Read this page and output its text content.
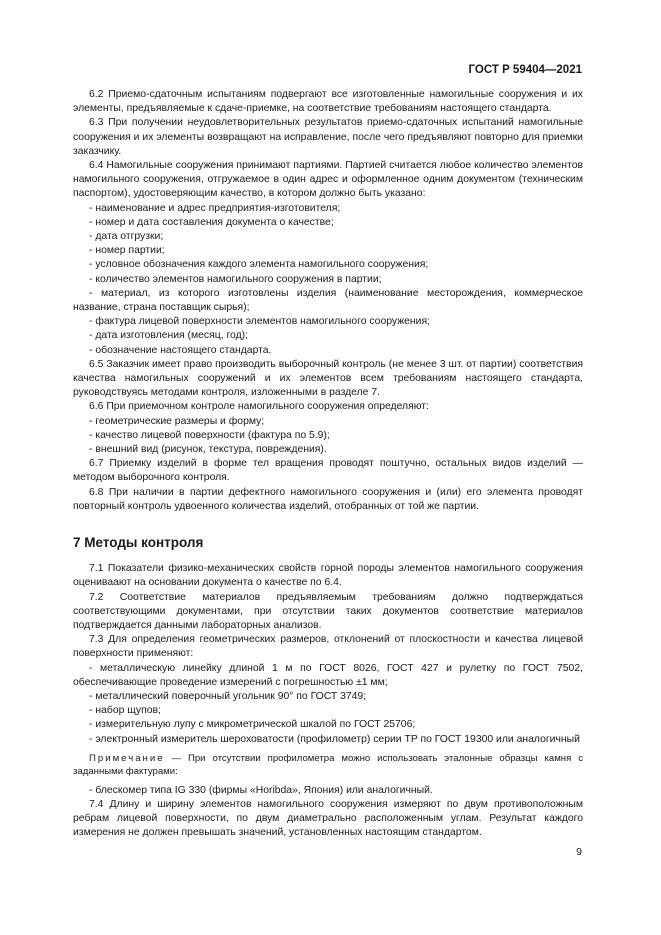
ГОСТ Р 59404—2021

6.2 Приемо-сдаточным испытаниям подвергают все изготовленные намогильные сооружения и их элементы, предъявляемые к сдаче-приемке, на соответствие требованиям настоящего стандарта.

6.3 При получении неудовлетворительных результатов приемо-сдаточных испытаний намогильные сооружения и их элементы возвращают на исправление, после чего предъявляют повторно для приемки заказчику.

6.4 Намогильные сооружения принимают партиями. Партией считается любое количество элементов намогильного сооружения, отгружаемое в один адрес и оформленное одним документом (техническим паспортом), удостоверяющим качество, в котором должно быть указано:

- наименование и адрес предприятия-изготовителя;

- номер и дата составления документа о качестве;

- дата отгрузки;

- номер партии;

- условное обозначения каждого элемента намогильного сооружения;

- количество элементов намогильного сооружения в партии;

- материал, из которого изготовлены изделия (наименование месторождения, коммерческое название, страна поставщик сырья);

- фактура лицевой поверхности элементов намогильного сооружения;

- дата изготовления (месяц, год);

- обозначение настоящего стандарта.

6.5 Заказчик имеет право производить выборочный контроль (не менее 3 шт. от партии) соответствия качества намогильных сооружений и их элементов всем требованиям настоящего стандарта, руководствуясь методами контроля, изложенными в разделе 7.

6.6 При приемочном контроле намогильного сооружения определяют:

- геометрические размеры и форму;

- качество лицевой поверхности (фактура по 5.9);

- внешний вид (рисунок, текстура, повреждения).

6.7 Приемку изделий в форме тел вращения проводят поштучно, остальных видов изделий — методом выборочного контроля.

6.8 При наличии в партии дефектного намогильного сооружения и (или) его элемента проводят повторный контроль удвоенного количества изделий, отобранных от той же партии.

7 Методы контроля

7.1 Показатели физико-механических свойств горной породы элементов намогильного сооружения оцениваают на основании документа о качестве по 6.4.

7.2 Соответствие материалов предъявляемым требованиям должно подтверждаться соответствующими документами, при отсутствии таких документов соответствие материалов подтверждается данными лабораторных анализов.

7.3 Для определения геометрических размеров, отклонений от плоскостности и качества лицевой поверхности применяют:

- металлическую линейку длиной 1 м по ГОСТ 8026, ГОСТ 427 и рулетку по ГОСТ 7502, обеспечивающие проведение измерений с погрешностью ±1 мм;

- металлический поверочный угольник 90° по ГОСТ 3749;

- набор щупов;

- измерительную лупу с микрометрической шкалой по ГОСТ 25706;

- электронный измеритель шероховатости (профилометр) серии TP по ГОСТ 19300 или аналогичный

Примечание — При отсутствии профилометра можно использовать эталонные образцы камня с заданными фактурами:

- блескомер типа IG 330 (фирмы «Horibda», Япония) или аналогичный.

7.4 Длину и ширину элементов намогильного сооружения измеряют по двум противоположным ребрам лицевой поверхности, по двум диаметрально расположенным углам. Результат каждого измерения не должен превышать значений, установленных настоящим стандартом.

9
